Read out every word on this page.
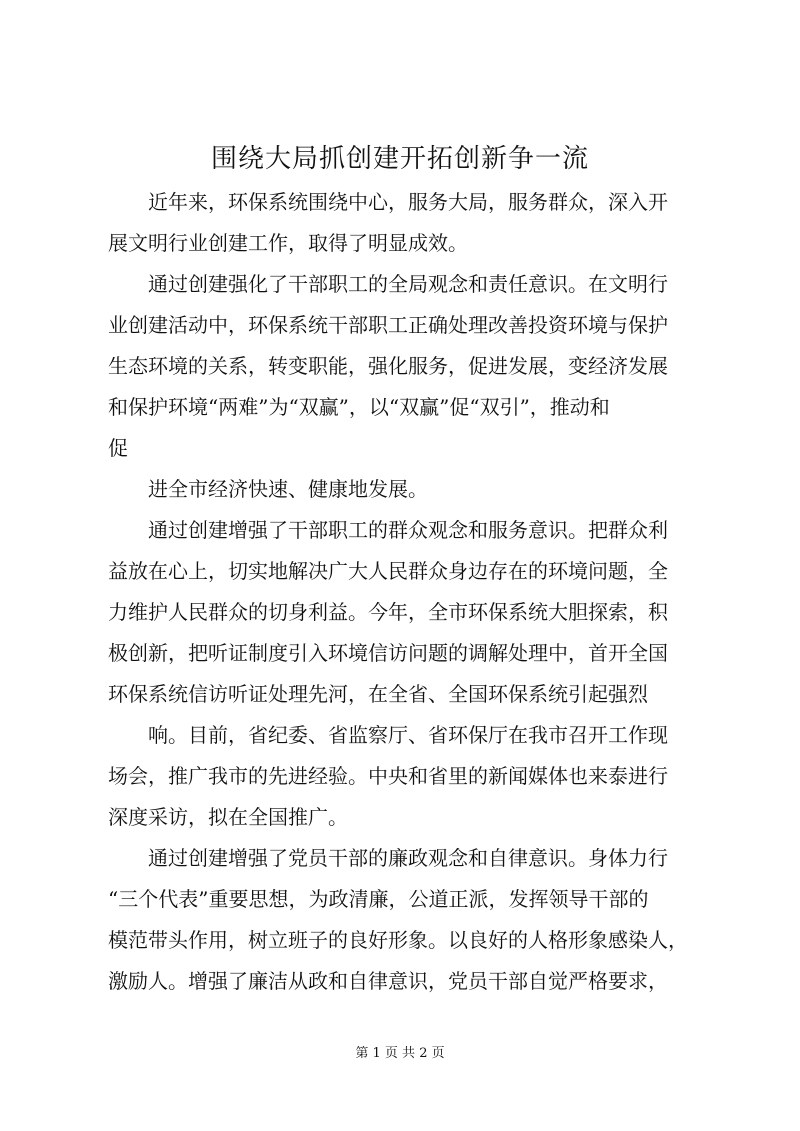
围绕大局抓创建开拓创新争一流

　　近年来，环保系统围绕中心，服务大局，服务群众，深入开

展文明行业创建工作，取得了明显成效。

　　通过创建强化了干部职工的全局观念和责任意识。在文明行

业创建活动中，环保系统干部职工正确处理改善投资环境与保护

生态环境的关系，转变职能，强化服务，促进发展，变经济发展

和保护环境“两难”为“双赢”，以“双赢”促“双引”，推动和

促

　　进全市经济快速、健康地发展。

　　通过创建增强了干部职工的群众观念和服务意识。把群众利

益放在心上，切实地解决广大人民群众身边存在的环境问题，全

力维护人民群众的切身利益。今年，全市环保系统大胆探索，积

极创新，把听证制度引入环境信访问题的调解处理中，首开全国

环保系统信访听证处理先河，在全省、全国环保系统引起强烈

　　响。目前，省纪委、省监察厅、省环保厅在我市召开工作现

场会，推广我市的先进经验。中央和省里的新闻媒体也来泰进行

深度采访，拟在全国推广。

　　通过创建增强了党员干部的廉政观念和自律意识。身体力行

“三个代表”重要思想，为政清廉，公道正派，发挥领导干部的

模范带头作用，树立班子的良好形象。以良好的人格形象感染人，

激励人。增强了廉洁从政和自律意识，党员干部自觉严格要求，

第 1 页 共 2 页
